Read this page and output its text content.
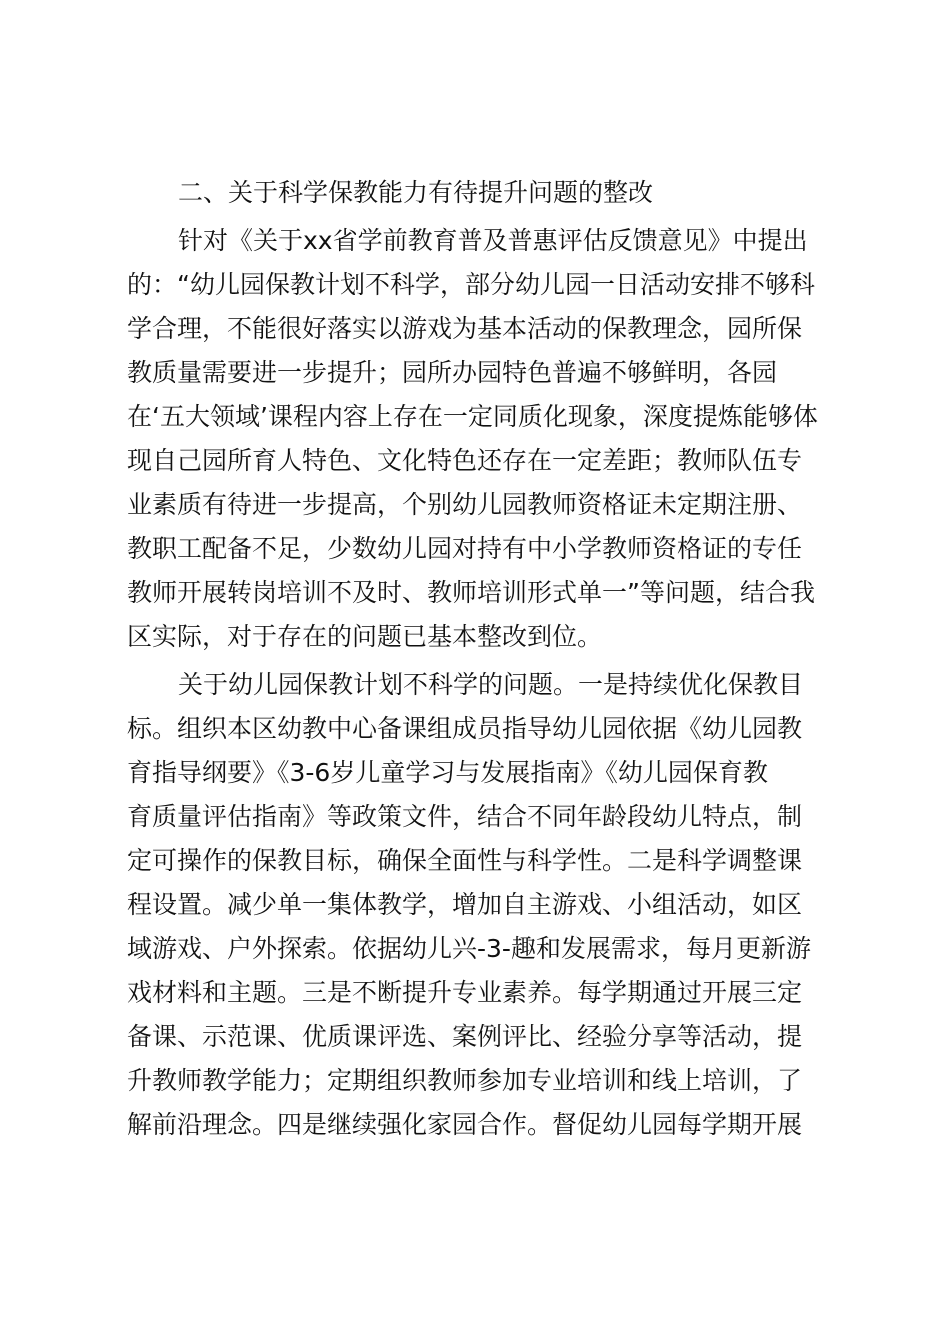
二、关于科学保教能力有待提升问题的整改
针对《关于xx省学前教育普及普惠评估反馈意见》中提出
的：“幼儿园保教计划不科学，部分幼儿园一日活动安排不够科
学合理，不能很好落实以游戏为基本活动的保教理念，园所保
教质量需要进一步提升；园所办园特色普遍不够鲜明，各园
在‘五大领域’课程内容上存在一定同质化现象，深度提炼能够体
现自己园所育人特色、文化特色还存在一定差距；教师队伍专
业素质有待进一步提高，个别幼儿园教师资格证未定期注册、
教职工配备不足，少数幼儿园对持有中小学教师资格证的专任
教师开展转岗培训不及时、教师培训形式单一”等问题，结合我
区实际，对于存在的问题已基本整改到位。
关于幼儿园保教计划不科学的问题。一是持续优化保教目
标。组织本区幼教中心备课组成员指导幼儿园依据《幼儿园教
育指导纲要》《3-6岁儿童学习与发展指南》《幼儿园保育教
育质量评估指南》等政策文件，结合不同年龄段幼儿特点，制
定可操作的保教目标，确保全面性与科学性。二是科学调整课
程设置。减少单一集体教学，增加自主游戏、小组活动，如区
域游戏、户外探索。依据幼儿兴-3-趣和发展需求，每月更新游
戏材料和主题。三是不断提升专业素养。每学期通过开展三定
备课、示范课、优质课评选、案例评比、经验分享等活动，提
升教师教学能力；定期组织教师参加专业培训和线上培训，了
解前沿理念。四是继续强化家园合作。督促幼儿园每学期开展
